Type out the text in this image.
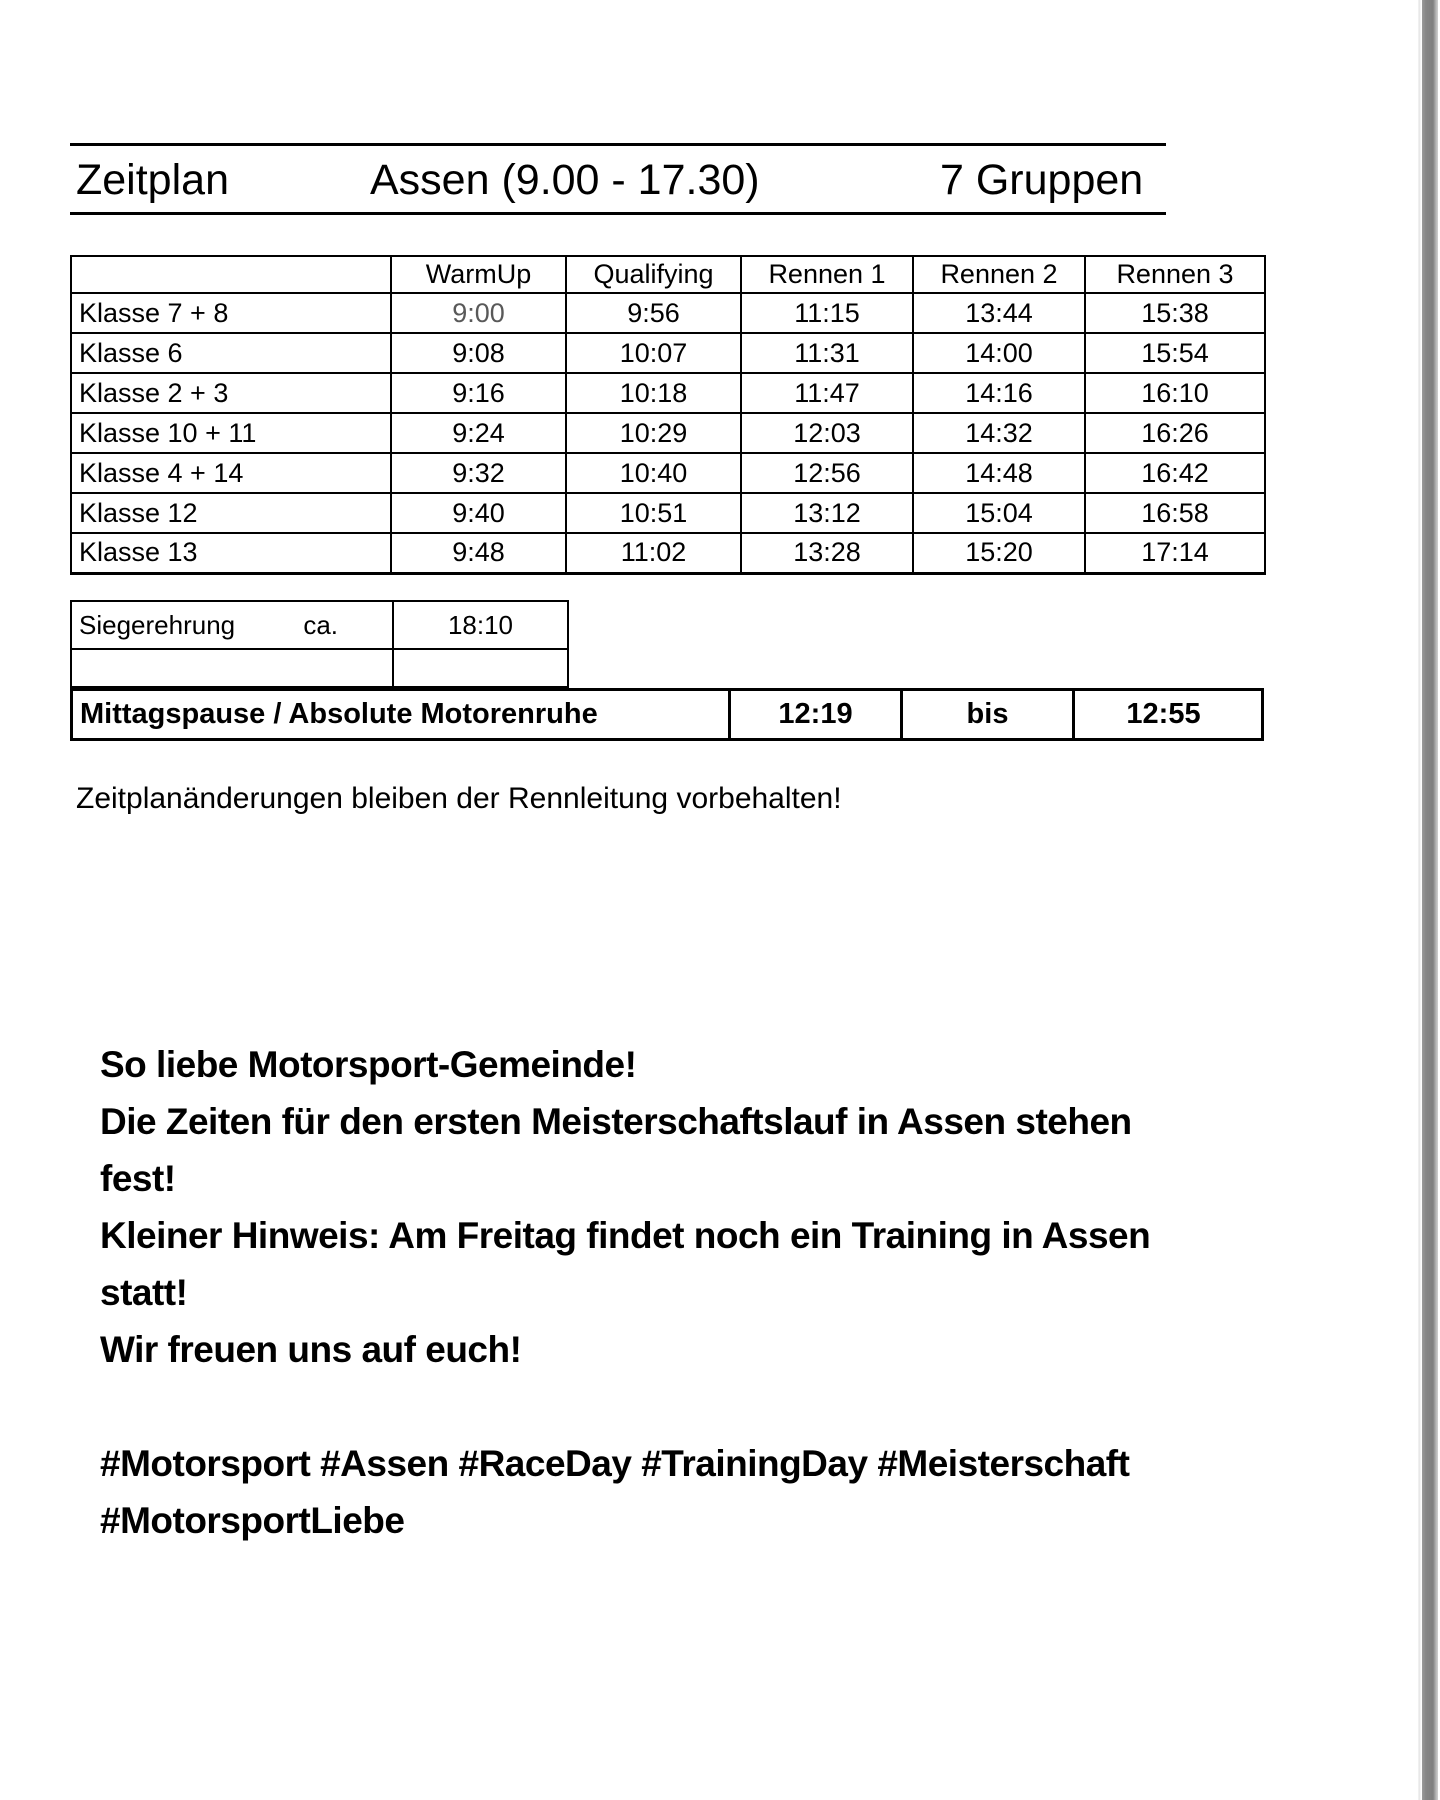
Zeitplan	Assen (9.00 - 17.30)	7 Gruppen
	WarmUp	Qualifying	Rennen 1	Rennen 2	Rennen 3
Klasse 7 + 8	9:00	9:56	11:15	13:44	15:38
Klasse 6	9:08	10:07	11:31	14:00	15:54
Klasse 2 + 3	9:16	10:18	11:47	14:16	16:10
Klasse 10 + 11	9:24	10:29	12:03	14:32	16:26
Klasse 4 + 14	9:32	10:40	12:56	14:48	16:42
Klasse 12	9:40	10:51	13:12	15:04	16:58
Klasse 13	9:48	11:02	13:28	15:20	17:14
Siegerehrung ca.	18:10

Mittagspause / Absolute Motorenruhe	12:19	bis	12:55
Zeitplanänderungen bleiben der Rennleitung vorbehalten!
So liebe Motorsport-Gemeinde!
Die Zeiten für den ersten Meisterschaftslauf in Assen stehen
fest!
Kleiner Hinweis: Am Freitag findet noch ein Training in Assen
statt!
Wir freuen uns auf euch!
#Motorsport #Assen #RaceDay #TrainingDay #Meisterschaft
#MotorsportLiebe
